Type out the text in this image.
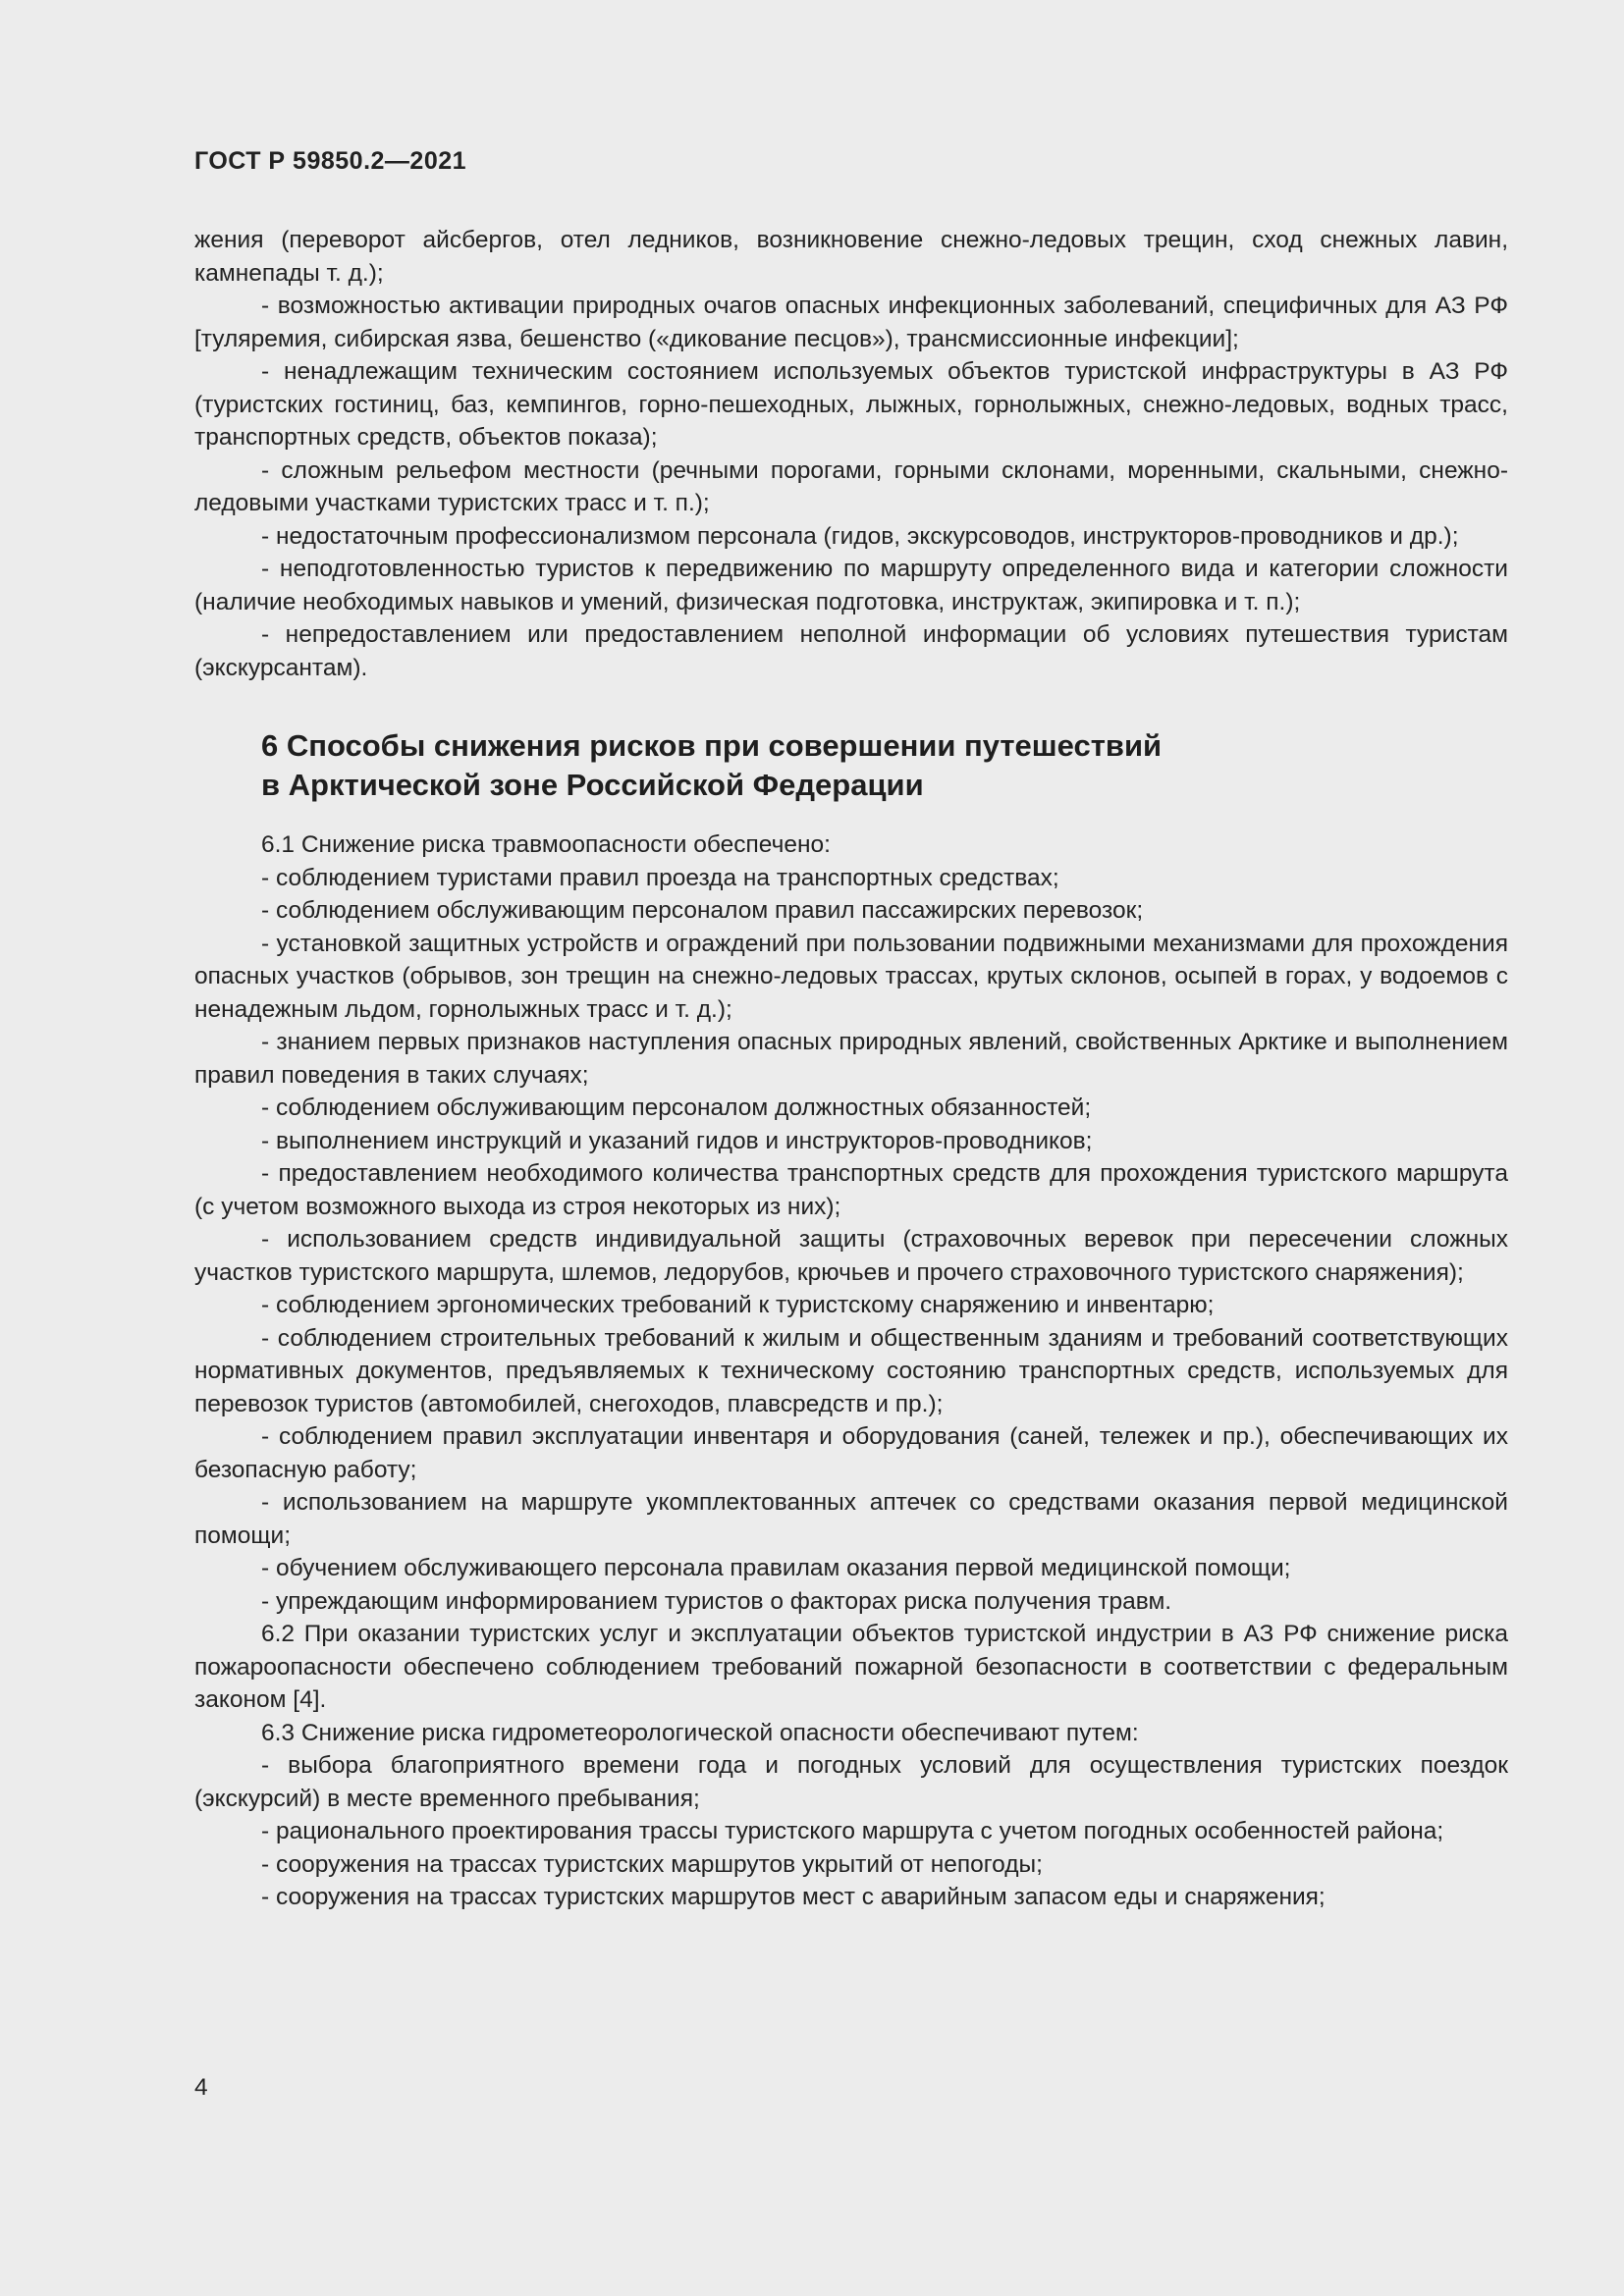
ГОСТ Р 59850.2—2021

жения (переворот айсбергов, отел ледников, возникновение снежно-ледовых трещин, сход снежных лавин, камнепады т. д.);

- возможностью активации природных очагов опасных инфекционных заболеваний, специфичных для АЗ РФ [туляремия, сибирская язва, бешенство («дикование песцов»), трансмиссионные инфекции];

- ненадлежащим техническим состоянием используемых объектов туристской инфраструктуры в АЗ РФ (туристских гостиниц, баз, кемпингов, горно-пешеходных, лыжных, горнолыжных, снежно-ледовых, водных трасс, транспортных средств, объектов показа);

- сложным рельефом местности (речными порогами, горными склонами, моренными, скальными, снежно-ледовыми участками туристских трасс и т. п.);

- недостаточным профессионализмом персонала (гидов, экскурсоводов, инструкторов-проводников и др.);

- неподготовленностью туристов к передвижению по маршруту определенного вида и категории сложности (наличие необходимых навыков и умений, физическая подготовка, инструктаж, экипировка и т. п.);

- непредоставлением или предоставлением неполной информации об условиях путешествия туристам (экскурсантам).

6 Способы снижения рисков при совершении путешествий
в Арктической зоне Российской Федерации

6.1 Снижение риска травмоопасности обеспечено:

- соблюдением туристами правил проезда на транспортных средствах;

- соблюдением обслуживающим персоналом правил пассажирских перевозок;

- установкой защитных устройств и ограждений при пользовании подвижными механизмами для прохождения опасных участков (обрывов, зон трещин на снежно-ледовых трассах, крутых склонов, осыпей в горах, у водоемов с ненадежным льдом, горнолыжных трасс и т. д.);

- знанием первых признаков наступления опасных природных явлений, свойственных Арктике и выполнением правил поведения в таких случаях;

- соблюдением обслуживающим персоналом должностных обязанностей;

- выполнением инструкций и указаний гидов и инструкторов-проводников;

- предоставлением необходимого количества транспортных средств для прохождения туристского маршрута (с учетом возможного выхода из строя некоторых из них);

- использованием средств индивидуальной защиты (страховочных веревок при пересечении сложных участков туристского маршрута, шлемов, ледорубов, крючьев и прочего страховочного туристского снаряжения);

- соблюдением эргономических требований к туристскому снаряжению и инвентарю;

- соблюдением строительных требований к жилым и общественным зданиям и требований соответствующих нормативных документов, предъявляемых к техническому состоянию транспортных средств, используемых для перевозок туристов (автомобилей, снегоходов, плавсредств и пр.);

- соблюдением правил эксплуатации инвентаря и оборудования (саней, тележек и пр.), обеспечивающих их безопасную работу;

- использованием на маршруте укомплектованных аптечек со средствами оказания первой медицинской помощи;

- обучением обслуживающего персонала правилам оказания первой медицинской помощи;

- упреждающим информированием туристов о факторах риска получения травм.

6.2 При оказании туристских услуг и эксплуатации объектов туристской индустрии в АЗ РФ снижение риска пожароопасности обеспечено соблюдением требований пожарной безопасности в соответствии с федеральным законом [4].

6.3 Снижение риска гидрометеорологической опасности обеспечивают путем:

- выбора благоприятного времени года и погодных условий для осуществления туристских поездок (экскурсий) в месте временного пребывания;

- рационального проектирования трассы туристского маршрута с учетом погодных особенностей района;

- сооружения на трассах туристских маршрутов укрытий от непогоды;

- сооружения на трассах туристских маршрутов мест с аварийным запасом еды и снаряжения;

4
